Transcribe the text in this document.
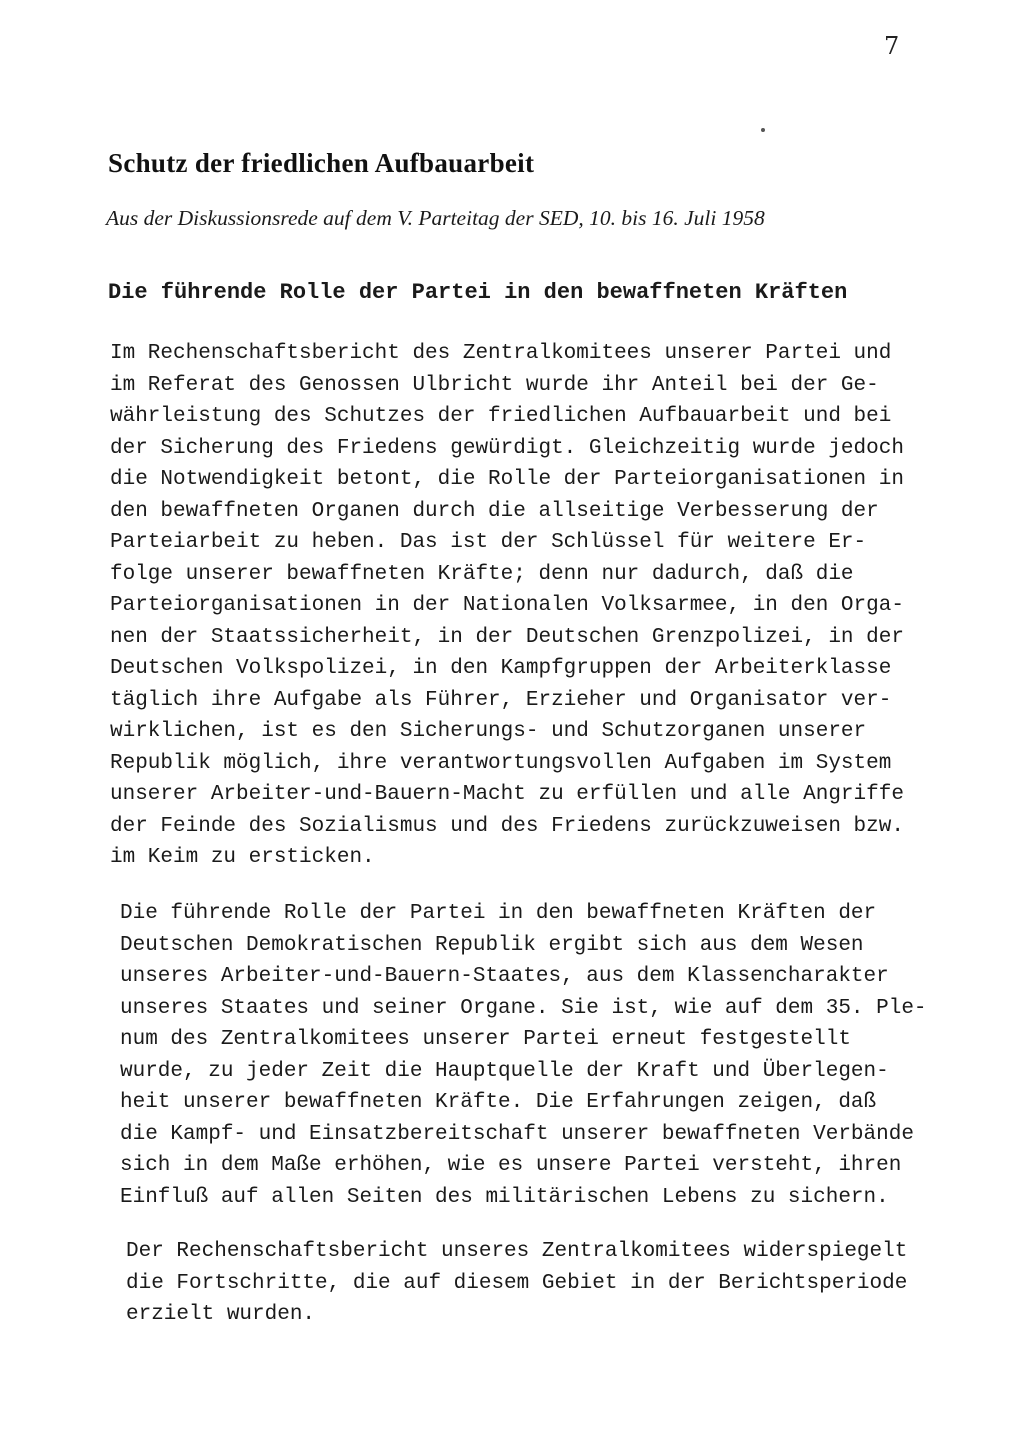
7
Schutz der friedlichen Aufbauarbeit

Aus der Diskussionsrede auf dem V. Parteitag der SED, 10. bis 16. Juli 1958

Die führende Rolle der Partei in den bewaffneten Kräften
Im Rechenschaftsbericht des Zentralkomitees unserer Partei und
im Referat des Genossen Ulbricht wurde ihr Anteil bei der Ge-
währleistung des Schutzes der friedlichen Aufbauarbeit und bei
der Sicherung des Friedens gewürdigt. Gleichzeitig wurde jedoch
die Notwendigkeit betont, die Rolle der Parteiorganisationen in
den bewaffneten Organen durch die allseitige Verbesserung der
Parteiarbeit zu heben. Das ist der Schlüssel für weitere Er-
folge unserer bewaffneten Kräfte; denn nur dadurch, daß die
Parteiorganisationen in der Nationalen Volksarmee, in den Orga-
nen der Staatssicherheit, in der Deutschen Grenzpolizei, in der
Deutschen Volkspolizei, in den Kampfgruppen der Arbeiterklasse
täglich ihre Aufgabe als Führer, Erzieher und Organisator ver-
wirklichen, ist es den Sicherungs- und Schutzorganen unserer
Republik möglich, ihre verantwortungsvollen Aufgaben im System
unserer Arbeiter-und-Bauern-Macht zu erfüllen und alle Angriffe
der Feinde des Sozialismus und des Friedens zurückzuweisen bzw.
im Keim zu ersticken.
Die führende Rolle der Partei in den bewaffneten Kräften der
Deutschen Demokratischen Republik ergibt sich aus dem Wesen
unseres Arbeiter-und-Bauern-Staates, aus dem Klassencharakter
unseres Staates und seiner Organe. Sie ist, wie auf dem 35. Ple-
num des Zentralkomitees unserer Partei erneut festgestellt
wurde, zu jeder Zeit die Hauptquelle der Kraft und Überlegen-
heit unserer bewaffneten Kräfte. Die Erfahrungen zeigen, daß
die Kampf- und Einsatzbereitschaft unserer bewaffneten Verbände
sich in dem Maße erhöhen, wie es unsere Partei versteht, ihren
Einfluß auf allen Seiten des militärischen Lebens zu sichern.
Der Rechenschaftsbericht unseres Zentralkomitees widerspiegelt
die Fortschritte, die auf diesem Gebiet in der Berichtsperiode
erzielt wurden.
